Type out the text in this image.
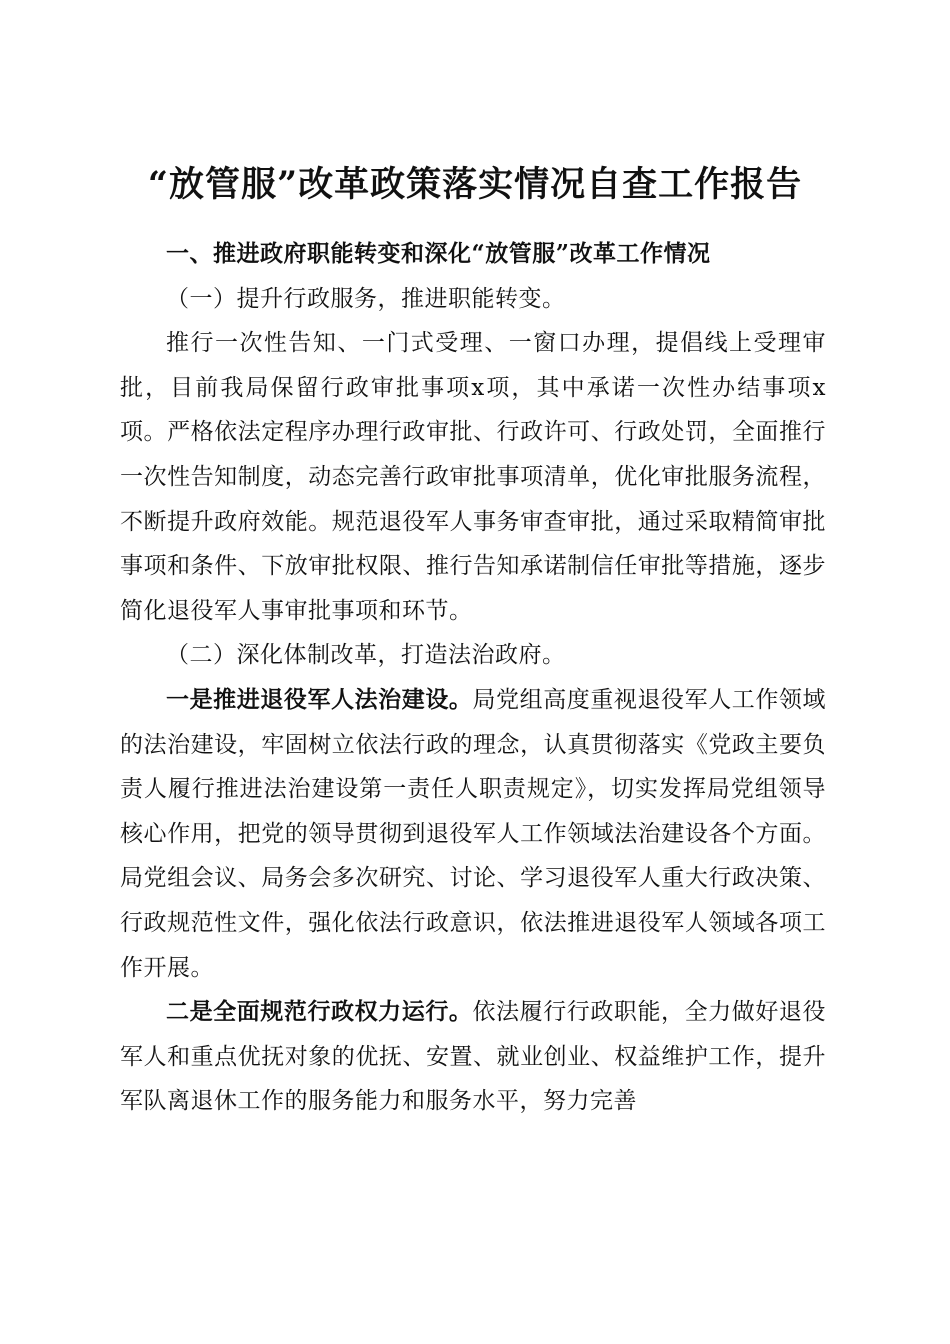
“放管服”改革政策落实情况自查工作报告

一、推进政府职能转变和深化“放管服”改革工作情况

（一）提升行政服务，推进职能转变。

推行一次性告知、一门式受理、一窗口办理，提倡线上受理审批，目前我局保留行政审批事项x项，其中承诺一次性办结事项x项。严格依法定程序办理行政审批、行政许可、行政处罚，全面推行一次性告知制度，动态完善行政审批事项清单，优化审批服务流程，不断提升政府效能。规范退役军人事务审查审批，通过采取精简审批事项和条件、下放审批权限、推行告知承诺制信任审批等措施，逐步简化退役军人事审批事项和环节。

（二）深化体制改革，打造法治政府。

一是推进退役军人法治建设。局党组高度重视退役军人工作领域的法治建设，牢固树立依法行政的理念，认真贯彻落实《党政主要负责人履行推进法治建设第一责任人职责规定》，切实发挥局党组领导核心作用，把党的领导贯彻到退役军人工作领域法治建设各个方面。局党组会议、局务会多次研究、讨论、学习退役军人重大行政决策、行政规范性文件，强化依法行政意识，依法推进退役军人领域各项工作开展。

二是全面规范行政权力运行。依法履行行政职能，全力做好退役军人和重点优抚对象的优抚、安置、就业创业、权益维护工作，提升军队离退休工作的服务能力和服务水平，努力完善
